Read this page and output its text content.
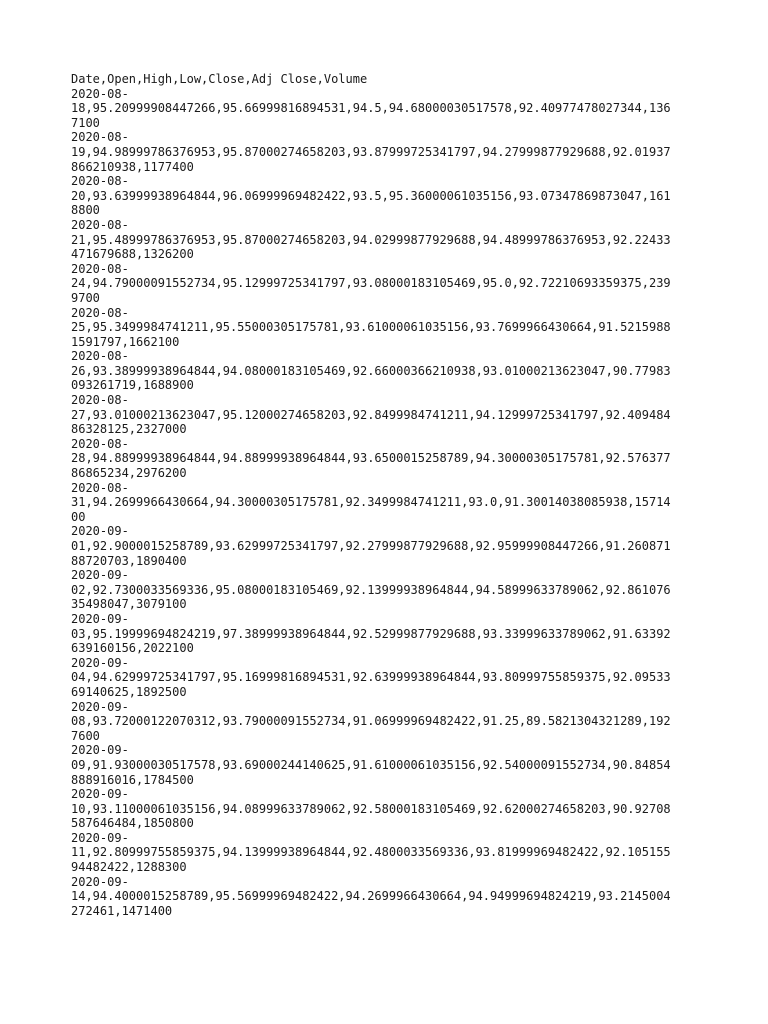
Date,Open,High,Low,Close,Adj Close,Volume
2020-08-
18,95.20999908447266,95.66999816894531,94.5,94.68000030517578,92.40977478027344,136
7100
2020-08-
19,94.98999786376953,95.87000274658203,93.87999725341797,94.27999877929688,92.01937
866210938,1177400
2020-08-
20,93.63999938964844,96.06999969482422,93.5,95.36000061035156,93.07347869873047,161
8800
2020-08-
21,95.48999786376953,95.87000274658203,94.02999877929688,94.48999786376953,92.22433
471679688,1326200
2020-08-
24,94.79000091552734,95.12999725341797,93.08000183105469,95.0,92.72210693359375,239
9700
2020-08-
25,95.3499984741211,95.55000305175781,93.61000061035156,93.7699966430664,91.5215988
1591797,1662100
2020-08-
26,93.38999938964844,94.08000183105469,92.66000366210938,93.01000213623047,90.77983
093261719,1688900
2020-08-
27,93.01000213623047,95.12000274658203,92.8499984741211,94.12999725341797,92.409484
86328125,2327000
2020-08-
28,94.88999938964844,94.88999938964844,93.6500015258789,94.30000305175781,92.576377
86865234,2976200
2020-08-
31,94.2699966430664,94.30000305175781,92.3499984741211,93.0,91.30014038085938,15714
00
2020-09-
01,92.9000015258789,93.62999725341797,92.27999877929688,92.95999908447266,91.260871
88720703,1890400
2020-09-
02,92.7300033569336,95.08000183105469,92.13999938964844,94.58999633789062,92.861076
35498047,3079100
2020-09-
03,95.19999694824219,97.38999938964844,92.52999877929688,93.33999633789062,91.63392
639160156,2022100
2020-09-
04,94.62999725341797,95.16999816894531,92.63999938964844,93.80999755859375,92.09533
69140625,1892500
2020-09-
08,93.72000122070312,93.79000091552734,91.06999969482422,91.25,89.5821304321289,192
7600
2020-09-
09,91.93000030517578,93.69000244140625,91.61000061035156,92.54000091552734,90.84854
888916016,1784500
2020-09-
10,93.11000061035156,94.08999633789062,92.58000183105469,92.62000274658203,90.92708
587646484,1850800
2020-09-
11,92.80999755859375,94.13999938964844,92.4800033569336,93.81999969482422,92.105155
94482422,1288300
2020-09-
14,94.4000015258789,95.56999969482422,94.2699966430664,94.94999694824219,93.2145004
272461,1471400
